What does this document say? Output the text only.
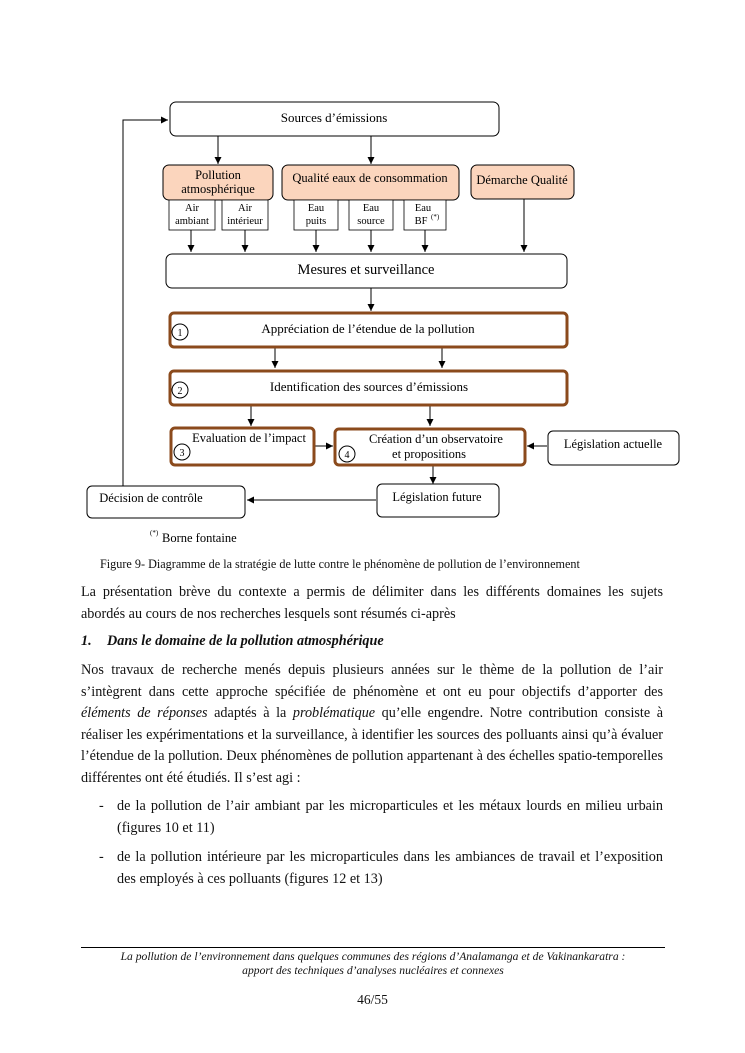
Sources d’émissions
Pollution
atmosphérique
Qualité eaux de consommation Démarche Qualité
Air
ambiant
Air
intérieur
Eau
puits
Eau
source
Eau
BF (*)
Mesures et surveillance
1	Appréciation de l’étendue de la pollution
2	Identification des sources d’émissions
3
Evaluation de l’impact
4
Création d’un observatoire
et propositions
Législation actuelle
Législation future
Décision de contrôle
(*) Borne fontaine
Figure 9- Diagramme de la stratégie de lutte contre le phénomène de pollution de l’environnement
La présentation brève du contexte a permis de délimiter dans les différents domaines les sujets abordés au cours de nos recherches lesquels sont résumés ci-après
1. Dans le domaine de la pollution atmosphérique
Nos travaux de recherche menés depuis plusieurs années sur le thème de la pollution de l’air s’intègrent dans cette approche spécifiée de phénomène et ont eu pour objectifs d’apporter des éléments de réponses adaptés à la problématique qu’elle engendre. Notre contribution consiste à réaliser les expérimentations et la surveillance, à identifier les sources des polluants ainsi qu’à évaluer l’étendue de la pollution. Deux phénomènes de pollution appartenant à des échelles spatio-temporelles différentes ont été étudiés. Il s’est agi :
- de la pollution de l’air ambiant par les microparticules et les métaux lourds en milieu urbain (figures 10 et 11)
- de la pollution intérieure par les microparticules dans les ambiances de travail et l’exposition des employés à ces polluants (figures 12 et 13)
La pollution de l’environnement dans quelques communes des régions d’Analamanga et de Vakinankaratra :
apport des techniques d’analyses nucléaires et connexes
46/55
